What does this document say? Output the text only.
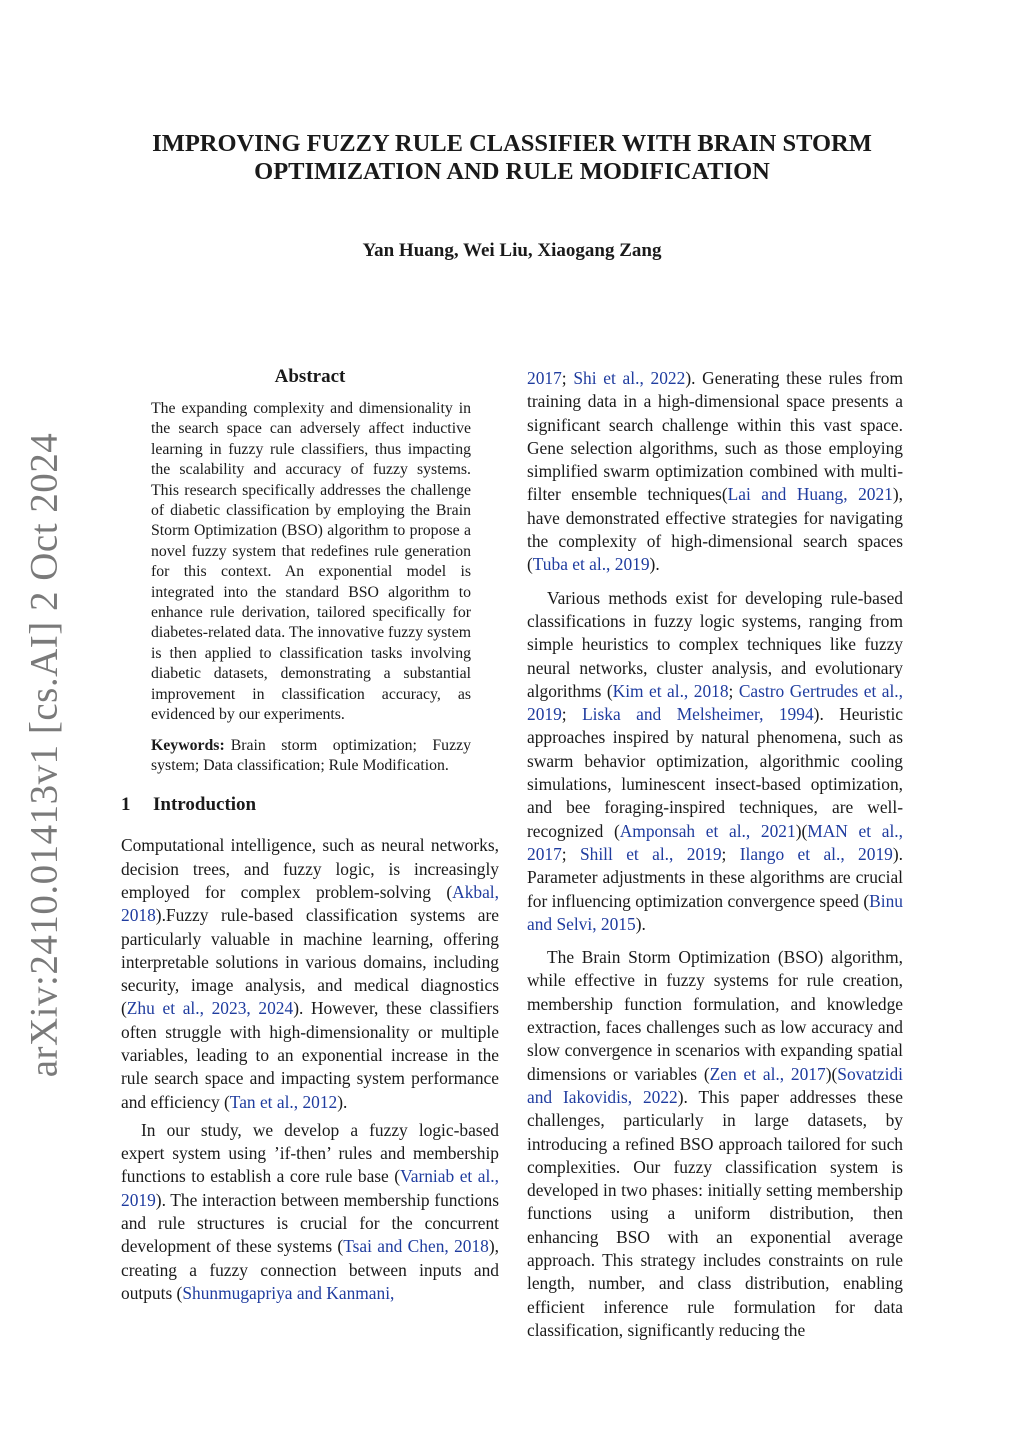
IMPROVING FUZZY RULE CLASSIFIER WITH BRAIN STORM
OPTIMIZATION AND RULE MODIFICATION
Yan Huang, Wei Liu, Xiaogang Zang
arXiv:2410.01413v1 [cs.AI] 2 Oct 2024
Abstract

The expanding complexity and dimensionality in the search space can adversely affect inductive learning in fuzzy rule classifiers, thus impacting the scalability and accuracy of fuzzy systems. This research specifically addresses the challenge of diabetic classification by employing the Brain Storm Optimization (BSO) algorithm to propose a novel fuzzy system that redefines rule generation for this context. An exponential model is integrated into the standard BSO algorithm to enhance rule derivation, tailored specifically for diabetes-related data. The innovative fuzzy system is then applied to classification tasks involving diabetic datasets, demonstrating a substantial improvement in classification accuracy, as evidenced by our experiments.

Keywords: Brain storm optimization; Fuzzy system; Data classification; Rule Modification.

1 Introduction

Computational intelligence, such as neural networks, decision trees, and fuzzy logic, is increasingly employed for complex problem-solving (Akbal, 2018).Fuzzy rule-based classification systems are particularly valuable in machine learning, offering interpretable solutions in various domains, including security, image analysis, and medical diagnostics (Zhu et al., 2023, 2024). However, these classifiers often struggle with high-dimensionality or multiple variables, leading to an exponential increase in the rule search space and impacting system performance and efficiency (Tan et al., 2012).

In our study, we develop a fuzzy logic-based expert system using ’if-then’ rules and membership functions to establish a core rule base (Varniab et al., 2019). The interaction between membership functions and rule structures is crucial for the concurrent development of these systems (Tsai and Chen, 2018), creating a fuzzy connection between inputs and outputs (Shunmugapriya and Kanmani,

2017; Shi et al., 2022). Generating these rules from training data in a high-dimensional space presents a significant search challenge within this vast space. Gene selection algorithms, such as those employing simplified swarm optimization combined with multi-filter ensemble techniques(Lai and Huang, 2021), have demonstrated effective strategies for navigating the complexity of high-dimensional search spaces (Tuba et al., 2019).

Various methods exist for developing rule-based classifications in fuzzy logic systems, ranging from simple heuristics to complex techniques like fuzzy neural networks, cluster analysis, and evolutionary algorithms (Kim et al., 2018; Castro Gertrudes et al., 2019; Liska and Melsheimer, 1994). Heuristic approaches inspired by natural phenomena, such as swarm behavior optimization, algorithmic cooling simulations, luminescent insect-based optimization, and bee foraging-inspired techniques, are well-recognized (Amponsah et al., 2021)(MAN et al., 2017; Shill et al., 2019; Ilango et al., 2019). Parameter adjustments in these algorithms are crucial for influencing optimization convergence speed (Binu and Selvi, 2015).

The Brain Storm Optimization (BSO) algorithm, while effective in fuzzy systems for rule creation, membership function formulation, and knowledge extraction, faces challenges such as low accuracy and slow convergence in scenarios with expanding spatial dimensions or variables (Zen et al., 2017)(Sovatzidi and Iakovidis, 2022). This paper addresses these challenges, particularly in large datasets, by introducing a refined BSO approach tailored for such complexities. Our fuzzy classification system is developed in two phases: initially setting membership functions using a uniform distribution, then enhancing BSO with an exponential average approach. This strategy includes constraints on rule length, number, and class distribution, enabling efficient inference rule formulation for data classification, significantly reducing the
